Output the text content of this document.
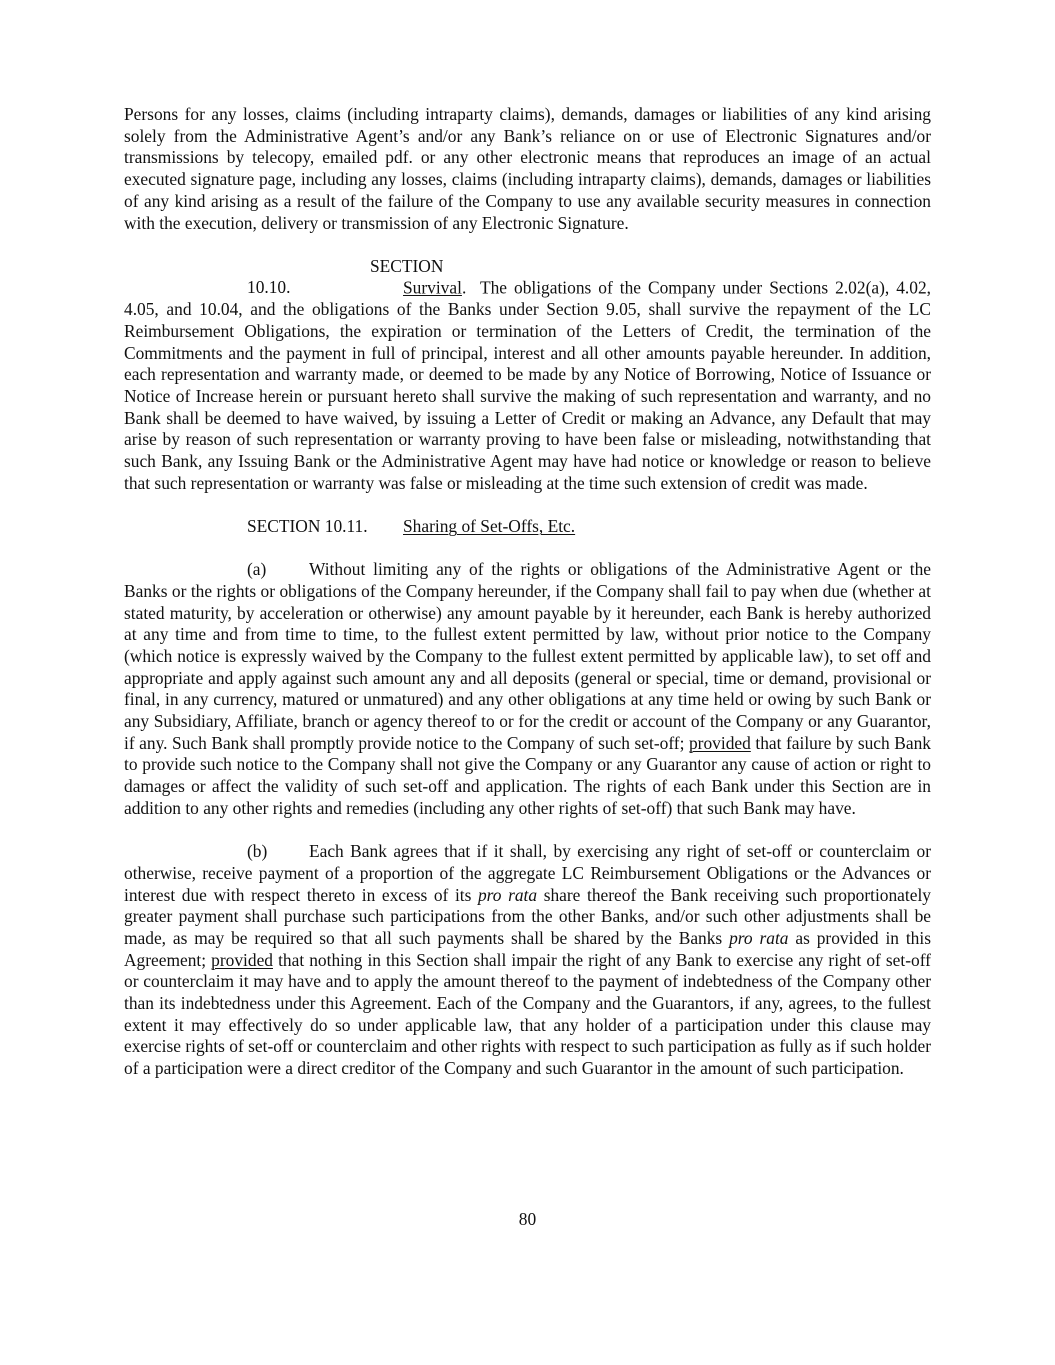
Persons for any losses, claims (including intraparty claims), demands, damages or liabilities of any kind arising solely from the Administrative Agent’s and/or any Bank’s reliance on or use of Electronic Signatures and/or transmissions by telecopy, emailed pdf. or any other electronic means that reproduces an image of an actual executed signature page, including any losses, claims (including intraparty claims), demands, damages or liabilities of any kind arising as a result of the failure of the Company to use any available security measures in connection with the execution, delivery or transmission of any Electronic Signature.

SECTION 10.10.	Survival. The obligations of the Company under Sections 2.02(a), 4.02, 4.05, and 10.04, and the obligations of the Banks under Section 9.05, shall survive the repayment of the LC Reimbursement Obligations, the expiration or termination of the Letters of Credit, the termination of the Commitments and the payment in full of principal, interest and all other amounts payable hereunder. In addition, each representation and warranty made, or deemed to be made by any Notice of Borrowing, Notice of Issuance or Notice of Increase herein or pursuant hereto shall survive the making of such representation and warranty, and no Bank shall be deemed to have waived, by issuing a Letter of Credit or making an Advance, any Default that may arise by reason of such representation or warranty proving to have been false or misleading, notwithstanding that such Bank, any Issuing Bank or the Administrative Agent may have had notice or knowledge or reason to believe that such representation or warranty was false or misleading at the time such extension of credit was made.

SECTION 10.11. Sharing of Set-Offs, Etc.

(a) Without limiting any of the rights or obligations of the Administrative Agent or the Banks or the rights or obligations of the Company hereunder, if the Company shall fail to pay when due (whether at stated maturity, by acceleration or otherwise) any amount payable by it hereunder, each Bank is hereby authorized at any time and from time to time, to the fullest extent permitted by law, without prior notice to the Company (which notice is expressly waived by the Company to the fullest extent permitted by applicable law), to set off and appropriate and apply against such amount any and all deposits (general or special, time or demand, provisional or final, in any currency, matured or unmatured) and any other obligations at any time held or owing by such Bank or any Subsidiary, Affiliate, branch or agency thereof to or for the credit or account of the Company or any Guarantor, if any. Such Bank shall promptly provide notice to the Company of such set-off; provided that failure by such Bank to provide such notice to the Company shall not give the Company or any Guarantor any cause of action or right to damages or affect the validity of such set-off and application. The rights of each Bank under this Section are in addition to any other rights and remedies (including any other rights of set-off) that such Bank may have.

(b) Each Bank agrees that if it shall, by exercising any right of set-off or counterclaim or otherwise, receive payment of a proportion of the aggregate LC Reimbursement Obligations or the Advances or interest due with respect thereto in excess of its pro rata share thereof the Bank receiving such proportionately greater payment shall purchase such participations from the other Banks, and/or such other adjustments shall be made, as may be required so that all such payments shall be shared by the Banks pro rata as provided in this Agreement; provided that nothing in this Section shall impair the right of any Bank to exercise any right of set-off or counterclaim it may have and to apply the amount thereof to the payment of indebtedness of the Company other than its indebtedness under this Agreement. Each of the Company and the Guarantors, if any, agrees, to the fullest extent it may effectively do so under applicable law, that any holder of a participation under this clause may exercise rights of set-off or counterclaim and other rights with respect to such participation as fully as if such holder of a participation were a direct creditor of the Company and such Guarantor in the amount of such participation.

80
